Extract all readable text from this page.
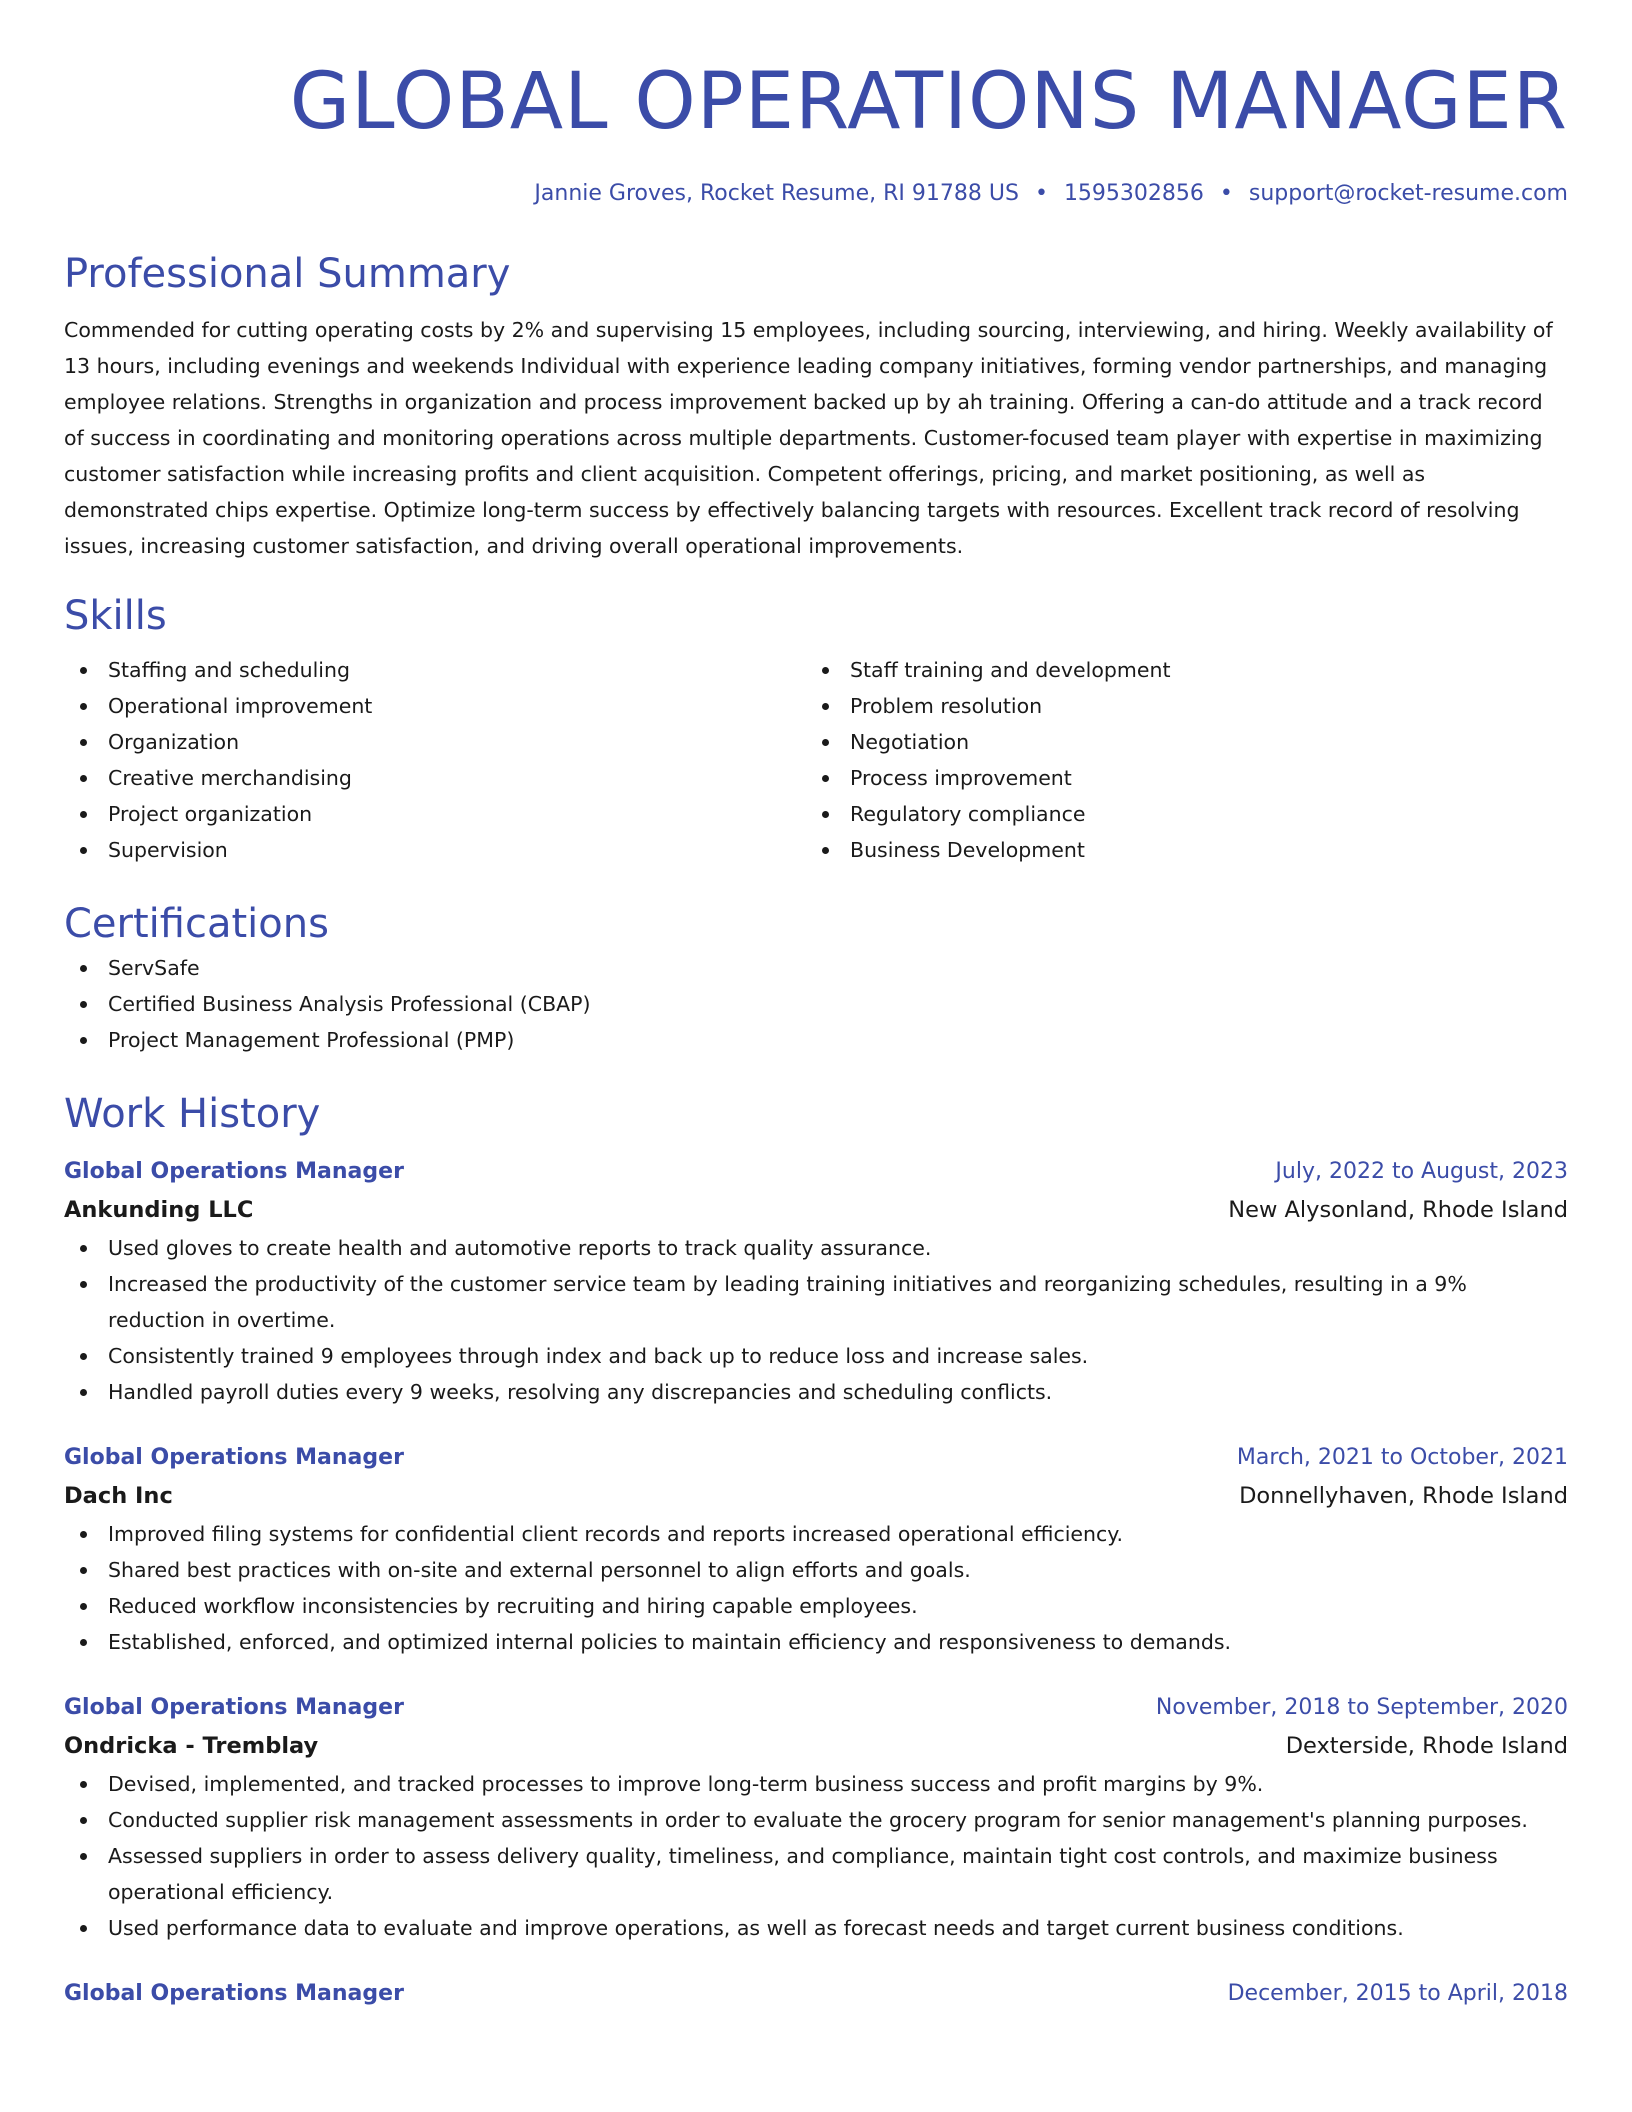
GLOBAL OPERATIONS MANAGER
Jannie Groves, Rocket Resume, RI 91788 US • 1595302856 • support@rocket-resume.com
Professional Summary

Commended for cutting operating costs by 2% and supervising 15 employees, including sourcing, interviewing, and hiring. Weekly availability of 13 hours, including evenings and weekends Individual with experience leading company initiatives, forming vendor partnerships, and managing employee relations. Strengths in organization and process improvement backed up by ah training. Offering a can-do attitude and a track record of success in coordinating and monitoring operations across multiple departments. Customer-focused team player with expertise in maximizing customer satisfaction while increasing profits and client acquisition. Competent offerings, pricing, and market positioning, as well as demonstrated chips expertise. Optimize long-term success by effectively balancing targets with resources. Excellent track record of resolving issues, increasing customer satisfaction, and driving overall operational improvements.

Skills
Staffing and scheduling
Operational improvement
Organization
Creative merchandising
Project organization
Supervision
Staff training and development
Problem resolution
Negotiation
Process improvement
Regulatory compliance
Business Development
Certifications
ServSafe
Certified Business Analysis Professional (CBAP)
Project Management Professional (PMP)
Work History
Global Operations Manager	July, 2022 to August, 2023
Ankunding LLC	New Alysonland, Rhode Island
Used gloves to create health and automotive reports to track quality assurance.
Increased the productivity of the customer service team by leading training initiatives and reorganizing schedules, resulting in a 9% reduction in overtime.
Consistently trained 9 employees through index and back up to reduce loss and increase sales.
Handled payroll duties every 9 weeks, resolving any discrepancies and scheduling conflicts.
Global Operations Manager	March, 2021 to October, 2021
Dach Inc	Donnellyhaven, Rhode Island
Improved filing systems for confidential client records and reports increased operational efficiency.
Shared best practices with on-site and external personnel to align efforts and goals.
Reduced workflow inconsistencies by recruiting and hiring capable employees.
Established, enforced, and optimized internal policies to maintain efficiency and responsiveness to demands.
Global Operations Manager	November, 2018 to September, 2020
Ondricka - Tremblay	Dexterside, Rhode Island
Devised, implemented, and tracked processes to improve long-term business success and profit margins by 9%.
Conducted supplier risk management assessments in order to evaluate the grocery program for senior management's planning purposes.
Assessed suppliers in order to assess delivery quality, timeliness, and compliance, maintain tight cost controls, and maximize business operational efficiency.
Used performance data to evaluate and improve operations, as well as forecast needs and target current business conditions.
Global Operations Manager	December, 2015 to April, 2018
